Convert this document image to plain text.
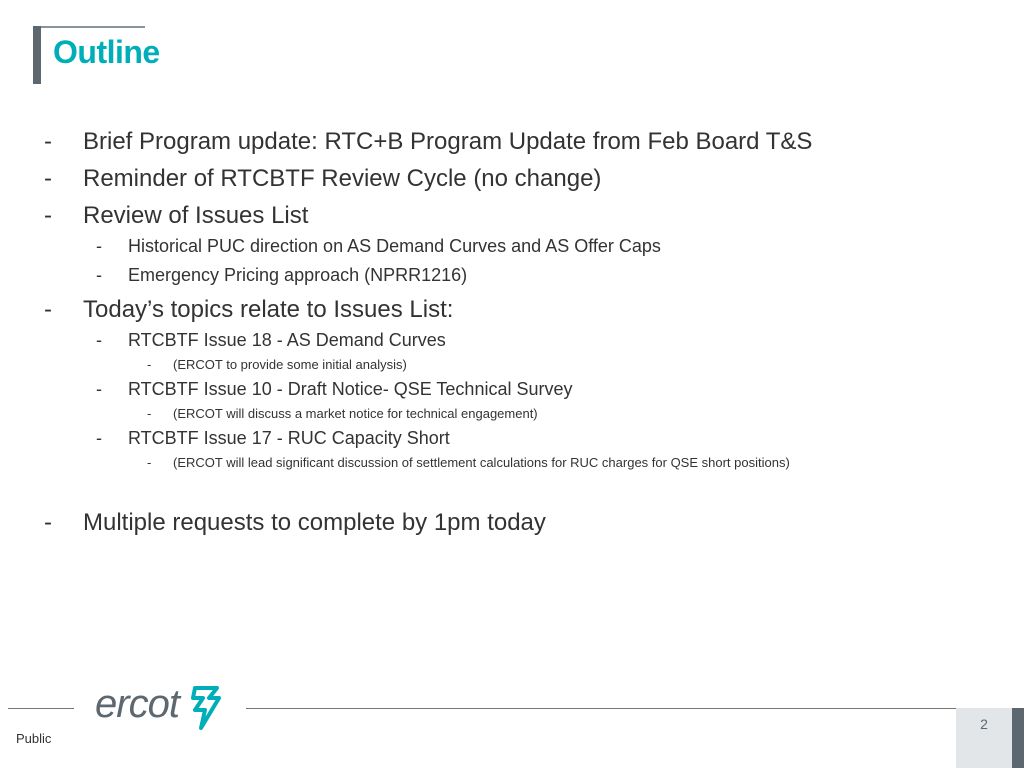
Outline
- Brief Program update: RTC+B Program Update from Feb Board T&S
- Reminder of RTCBTF Review Cycle (no change)
- Review of Issues List
- Historical PUC direction on AS Demand Curves and AS Offer Caps
- Emergency Pricing approach (NPRR1216)
- Today’s topics relate to Issues List:
- RTCBTF Issue 18 - AS Demand Curves
- (ERCOT to provide some initial analysis)
- RTCBTF Issue 10 - Draft Notice- QSE Technical Survey
- (ERCOT will discuss a market notice for technical engagement)
- RTCBTF Issue 17 - RUC Capacity Short
- (ERCOT will lead significant discussion of settlement calculations for RUC charges for QSE short positions)
- Multiple requests to complete by 1pm today
ercot
Public
2
